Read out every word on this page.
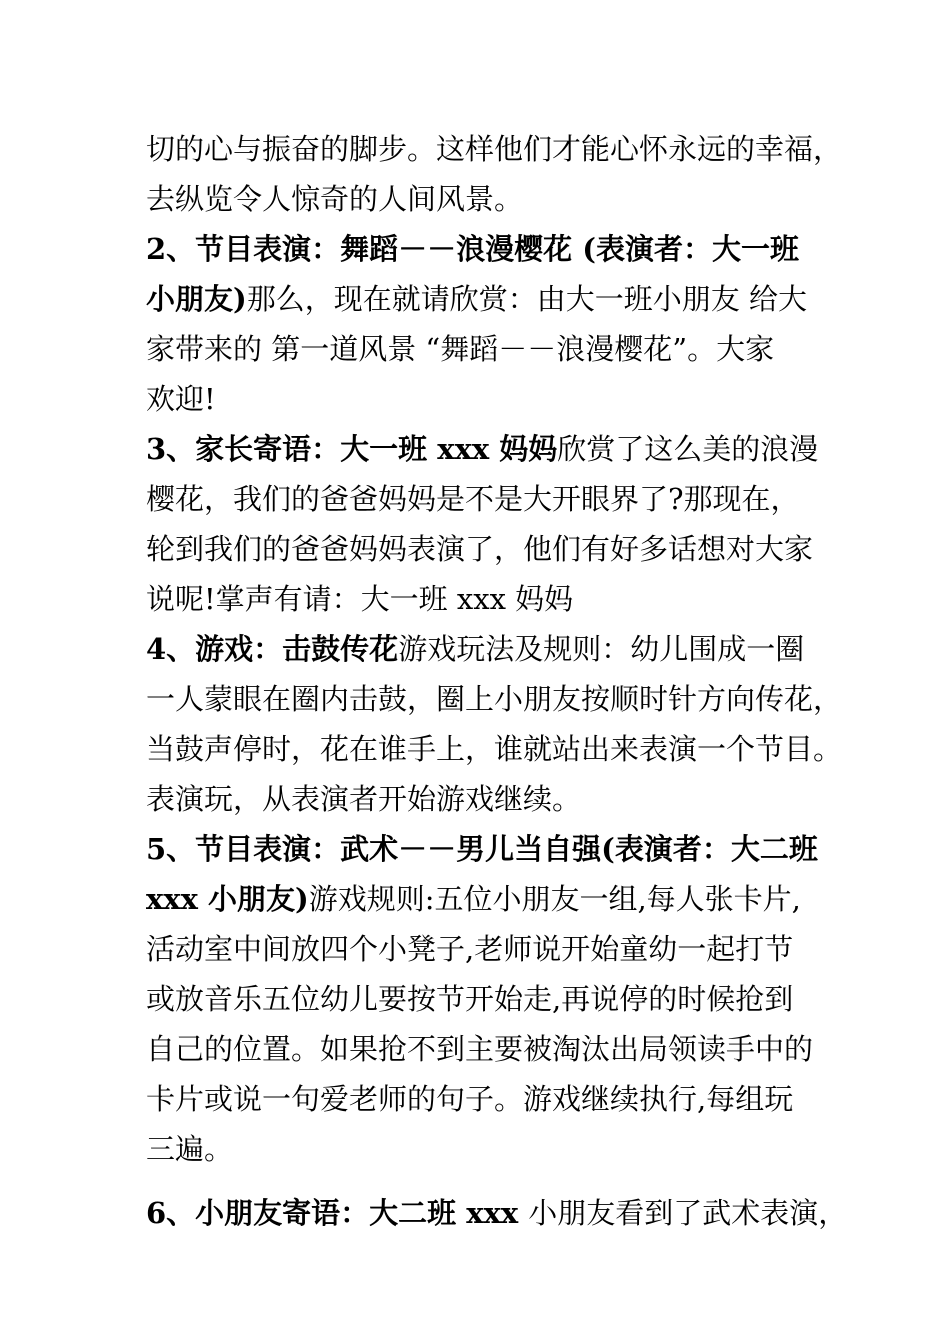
切的心与振奋的脚步。这样他们才能心怀永远的幸福，
去纵览令人惊奇的人间风景。
2、节目表演：舞蹈－－浪漫樱花 (表演者：大一班
小朋友)那么，现在就请欣赏：由大一班小朋友 给大
家带来的 第一道风景 “舞蹈－－浪漫樱花”。大家
欢迎!
3、家长寄语：大一班 xxx 妈妈欣赏了这么美的浪漫
樱花，我们的爸爸妈妈是不是大开眼界了?那现在，
轮到我们的爸爸妈妈表演了，他们有好多话想对大家
说呢!掌声有请：大一班 xxx 妈妈
4、游戏：击鼓传花游戏玩法及规则：幼儿围成一圈
一人蒙眼在圈内击鼓，圈上小朋友按顺时针方向传花，
当鼓声停时，花在谁手上，谁就站出来表演一个节目。
表演玩，从表演者开始游戏继续。
5、节目表演：武术－－男儿当自强(表演者：大二班
xxx 小朋友)游戏规则:五位小朋友一组,每人张卡片,
活动室中间放四个小凳子,老师说开始童幼一起打节
或放音乐五位幼儿要按节开始走,再说停的时候抢到
自己的位置。如果抢不到主要被淘汰出局领读手中的
卡片或说一句爱老师的句子。游戏继续执行,每组玩
三遍。
6、小朋友寄语：大二班 xxx 小朋友看到了武术表演，
